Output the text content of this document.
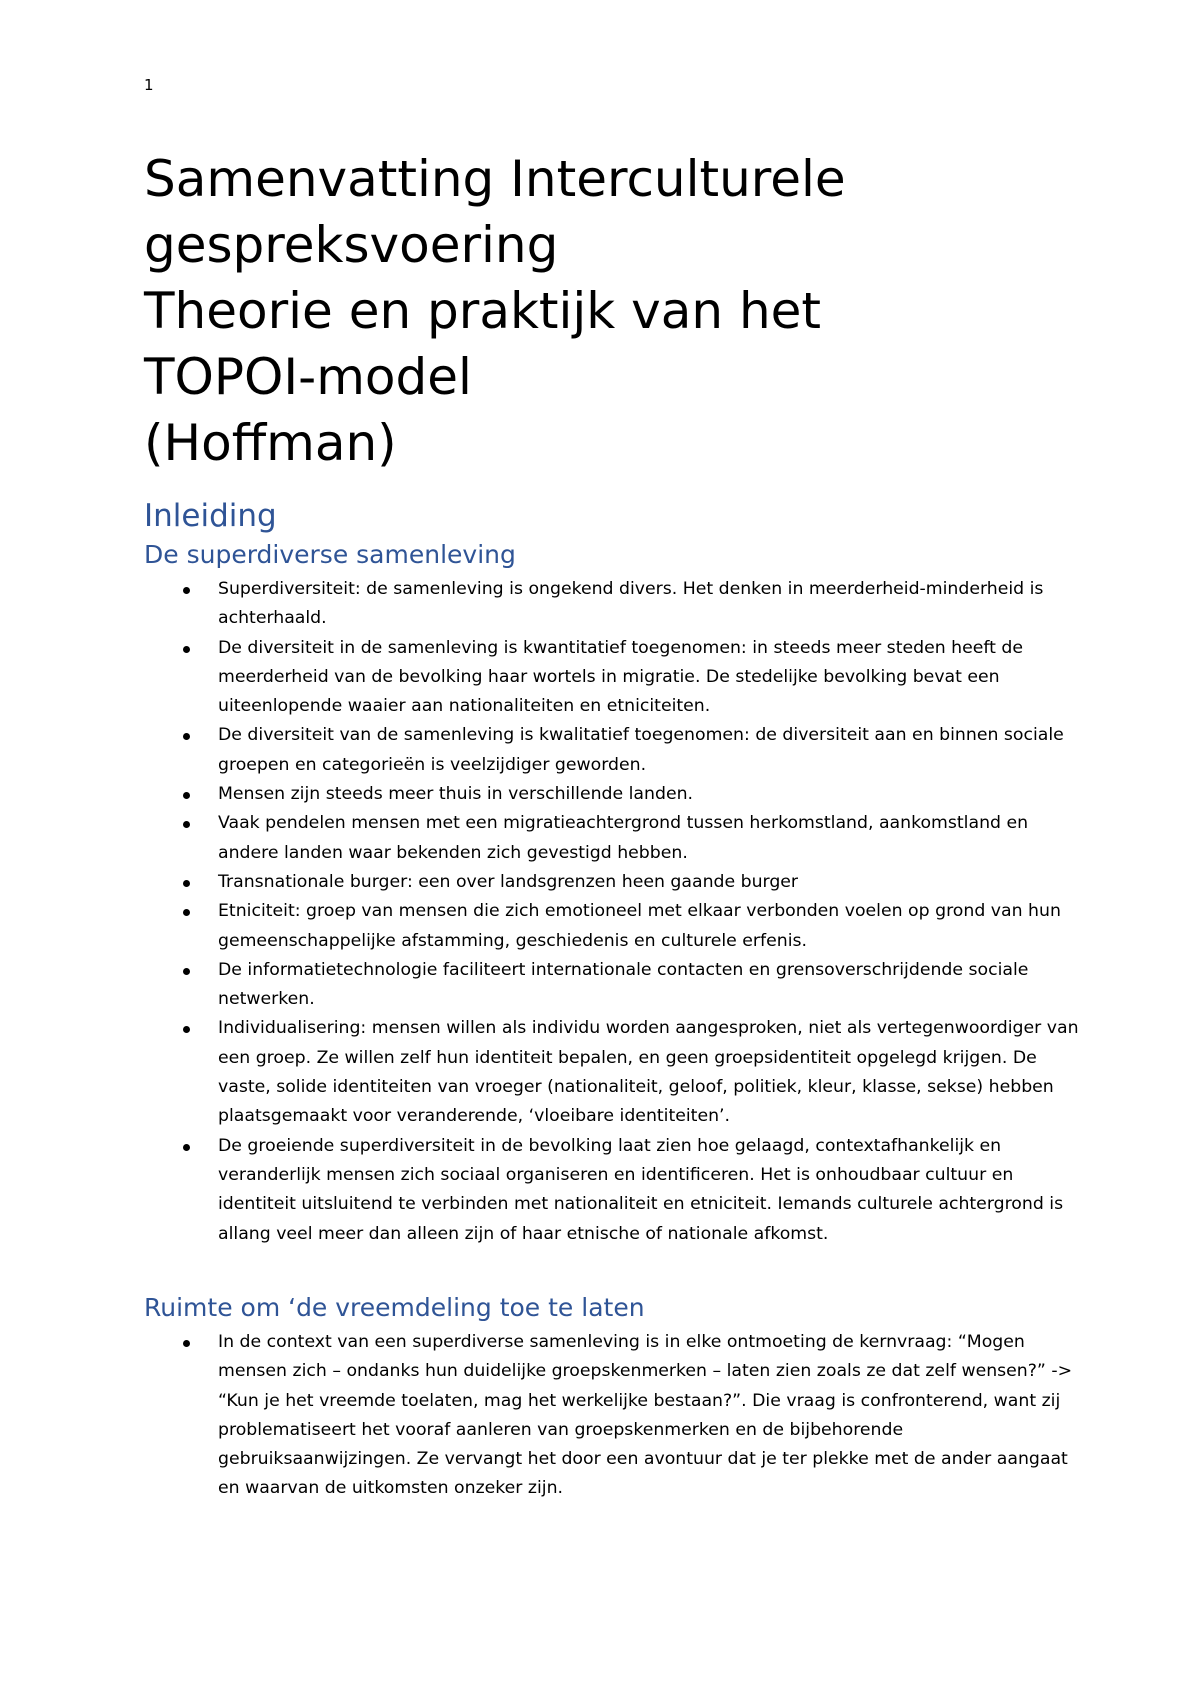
1
Samenvatting Interculturele
gespreksvoering
Theorie en praktijk van het
TOPOI-model
(Hoffman)
Inleiding
De superdiverse samenleving
Superdiversiteit: de samenleving is ongekend divers. Het denken in meerderheid-minderheid is achterhaald.
De diversiteit in de samenleving is kwantitatief toegenomen: in steeds meer steden heeft de meerderheid van de bevolking haar wortels in migratie. De stedelijke bevolking bevat een uiteenlopende waaier aan nationaliteiten en etniciteiten.
De diversiteit van de samenleving is kwalitatief toegenomen: de diversiteit aan en binnen sociale groepen en categorieën is veelzijdiger geworden.
Mensen zijn steeds meer thuis in verschillende landen.
Vaak pendelen mensen met een migratieachtergrond tussen herkomstland, aankomstland en andere landen waar bekenden zich gevestigd hebben.
Transnationale burger: een over landsgrenzen heen gaande burger
Etniciteit: groep van mensen die zich emotioneel met elkaar verbonden voelen op grond van hun gemeenschappelijke afstamming, geschiedenis en culturele erfenis.
De informatietechnologie faciliteert internationale contacten en grensoverschrijdende sociale netwerken.
Individualisering: mensen willen als individu worden aangesproken, niet als vertegenwoordiger van een groep. Ze willen zelf hun identiteit bepalen, en geen groepsidentiteit opgelegd krijgen. De vaste, solide identiteiten van vroeger (nationaliteit, geloof, politiek, kleur, klasse, sekse) hebben plaatsgemaakt voor veranderende, ‘vloeibare identiteiten’.
De groeiende superdiversiteit in de bevolking laat zien hoe gelaagd, contextafhankelijk en veranderlijk mensen zich sociaal organiseren en identificeren. Het is onhoudbaar cultuur en identiteit uitsluitend te verbinden met nationaliteit en etniciteit. Iemands culturele achtergrond is allang veel meer dan alleen zijn of haar etnische of nationale afkomst.
Ruimte om ‘de vreemdeling toe te laten
In de context van een superdiverse samenleving is in elke ontmoeting de kernvraag: “Mogen mensen zich – ondanks hun duidelijke groepskenmerken – laten zien zoals ze dat zelf wensen?” -> “Kun je het vreemde toelaten, mag het werkelijke bestaan?”. Die vraag is confronterend, want zij problematiseert het vooraf aanleren van groepskenmerken en de bijbehorende gebruiksaanwijzingen. Ze vervangt het door een avontuur dat je ter plekke met de ander aangaat en waarvan de uitkomsten onzeker zijn.
